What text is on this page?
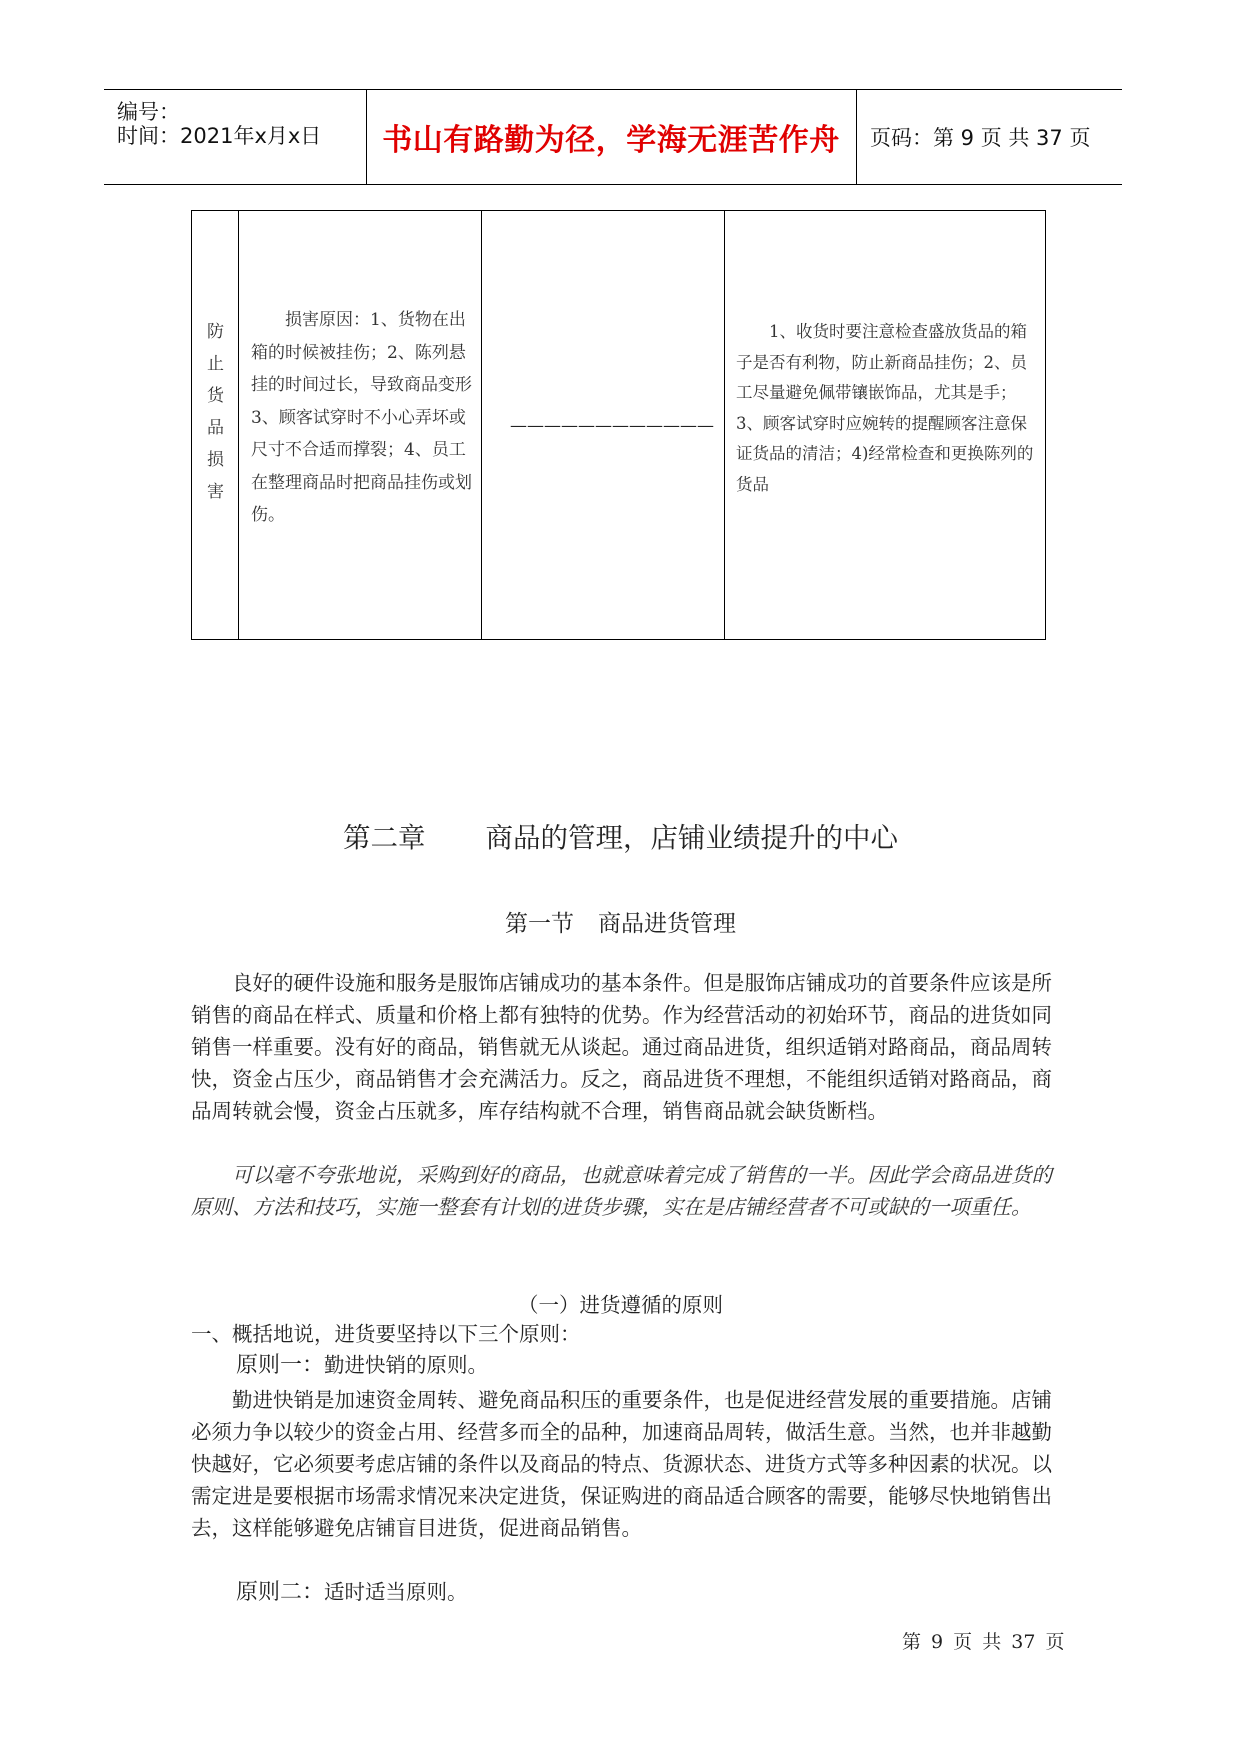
编号：
时间：2021年x月x日 书山有路勤为径，学海无涯苦作舟 页码：第 9 页 共 37 页
防
止
货
品
损
害
损害原因：1、货物在出箱的时候被挂伤；2、陈列悬挂的时间过长，导致商品变形3、顾客试穿时不小心弄坏或尺寸不合适而撑裂；4、员工在整理商品时把商品挂伤或划伤。
————————————
1、收货时要注意检查盛放货品的箱子是否有利物，防止新商品挂伤；2、员工尽量避免佩带镶嵌饰品，尤其是手；3、顾客试穿时应婉转的提醒顾客注意保证货品的清洁；4)经常检查和更换陈列的货品
第二章 商品的管理，店铺业绩提升的中心
第一节 商品进货管理
良好的硬件设施和服务是服饰店铺成功的基本条件。但是服饰店铺成功的首要条件应该是所销售的商品在样式、质量和价格上都有独特的优势。作为经营活动的初始环节，商品的进货如同销售一样重要。没有好的商品，销售就无从谈起。通过商品进货，组织适销对路商品，商品周转快，资金占压少，商品销售才会充满活力。反之，商品进货不理想，不能组织适销对路商品，商品周转就会慢，资金占压就多，库存结构就不合理，销售商品就会缺货断档。
可以毫不夸张地说，采购到好的商品，也就意味着完成了销售的一半。因此学会商品进货的原则、方法和技巧，实施一整套有计划的进货步骤，实在是店铺经营者不可或缺的一项重任。
（一）进货遵循的原则
一、概括地说，进货要坚持以下三个原则：
原则一：勤进快销的原则。
勤进快销是加速资金周转、避免商品积压的重要条件，也是促进经营发展的重要措施。店铺必须力争以较少的资金占用、经营多而全的品种，加速商品周转，做活生意。当然，也并非越勤快越好，它必须要考虑店铺的条件以及商品的特点、货源状态、进货方式等多种因素的状况。以需定进是要根据市场需求情况来决定进货，保证购进的商品适合顾客的需要，能够尽快地销售出去，这样能够避免店铺盲目进货，促进商品销售。
原则二：适时适当原则。
第 9 页 共 37 页
